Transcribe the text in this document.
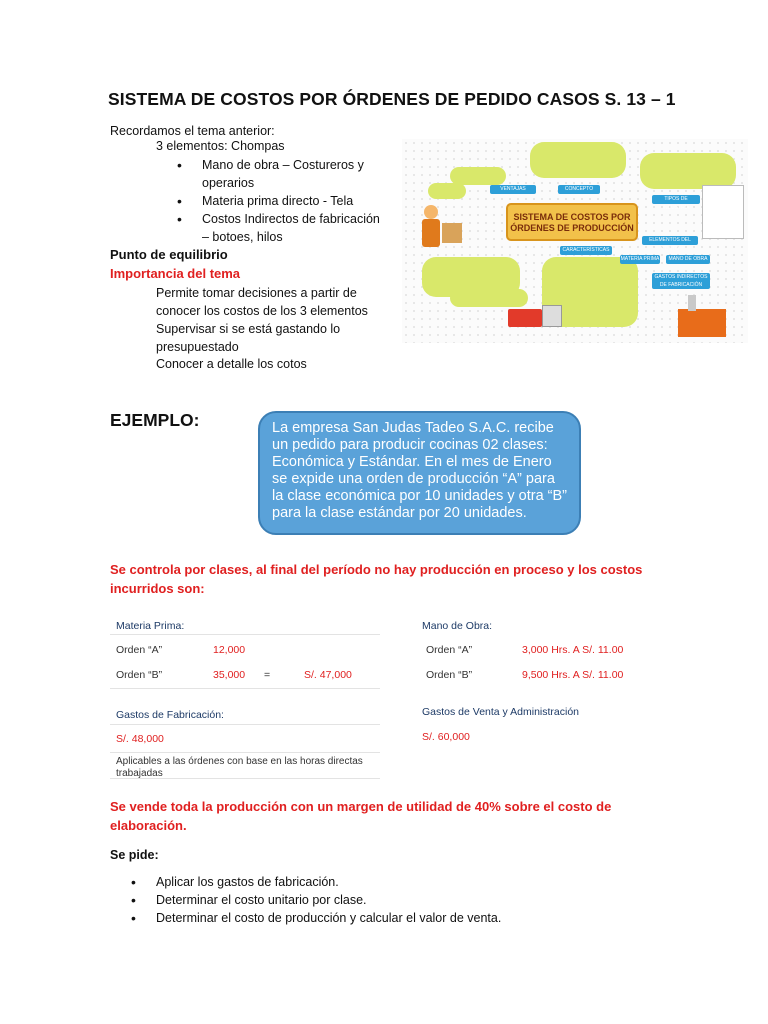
SISTEMA DE COSTOS POR ÓRDENES DE PEDIDO CASOS S. 13 – 1
Recordamos el tema anterior:
3 elementos: Chompas
• Mano de obra – Costureros y operarios
• Materia prima directo - Tela
• Costos Indirectos de fabricación – botoes, hilos
Punto de equilibrio
Importancia del tema
Permite tomar decisiones a partir de conocer los costos de los 3 elementos
Supervisar si se está gastando lo presupuestado
Conocer a detalle los cotos
VENTAJAS	CONCEPTO
TIPOS DE INDUSTRIA
CARACTERÍSTICAS
ELEMENTOS DEL COSTO
MATERIA PRIMA	MANO DE OBRA
GASTOS INDIRECTOS DE FABRICACIÓN
SISTEMA DE COSTOS POR ÓRDENES DE PRODUCCIÓN
EJEMPLO:	La empresa San Judas Tadeo S.A.C. recibe un pedido para producir cocinas 02 clases: Económica y Estándar. En el mes de Enero se expide una orden de producción “A” para la clase económica por 10 unidades y otra “B” para la clase estándar por 20 unidades.
Se controla por clases, al final del período no hay producción en proceso y los costos incurridos son:
Materia Prima:
Orden “A”	12,000
Orden “B”	35,000 =	S/. 47,000
Gastos de Fabricación:
S/. 48,000
Aplicables a las órdenes con base en las horas directas trabajadas
Mano de Obra:
Orden “A”	3,000 Hrs. A S/. 11.00
Orden “B”	9,500 Hrs. A S/. 11.00
Gastos de Venta y Administración
S/. 60,000
Se vende toda la producción con un margen de utilidad de 40% sobre el costo de elaboración.
Se pide:
• Aplicar los gastos de fabricación.
• Determinar el costo unitario por clase.
• Determinar el costo de producción y calcular el valor de venta.
